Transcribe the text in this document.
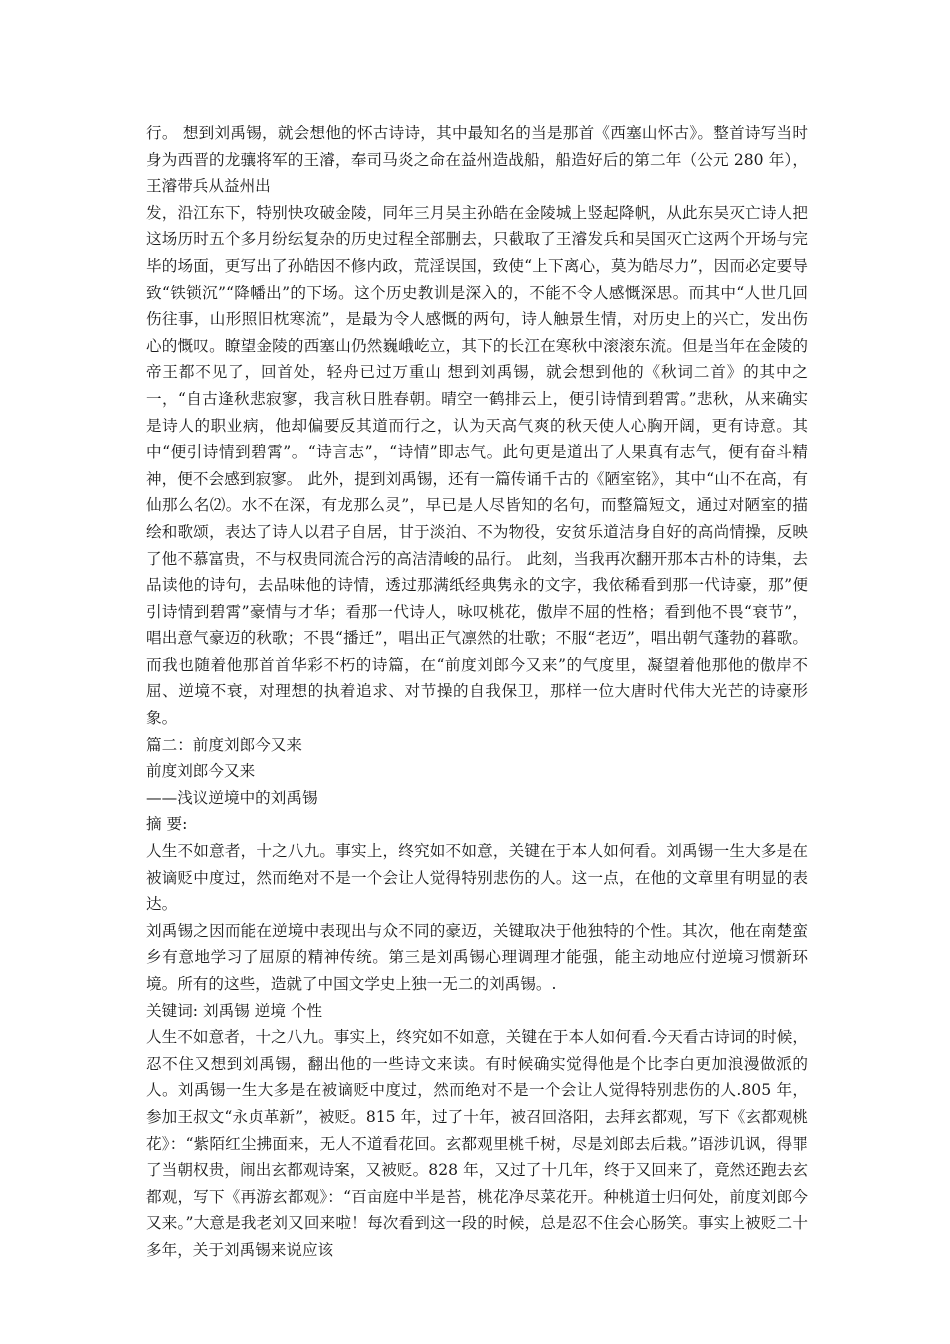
行。 想到刘禹锡，就会想他的怀古诗诗，其中最知名的当是那首《西塞山怀古》。整首诗写当时身为西晋的龙骧将军的王濬，奉司马炎之命在益州造战船，船造好后的第二年（公元 280 年），王濬带兵从益州出

发，沿江东下，特别快攻破金陵，同年三月吴主孙皓在金陵城上竖起降帆，从此东吴灭亡诗人把这场历时五个多月纷纭复杂的历史过程全部删去，只截取了王濬发兵和吴国灭亡这两个开场与完毕的场面，更写出了孙皓因不修内政，荒淫误国，致使“上下离心，莫为皓尽力”，因而必定要导致“铁锁沉”“降幡出”的下场。这个历史教训是深入的，不能不令人感慨深思。而其中“人世几回伤往事，山形照旧枕寒流”，是最为令人感慨的两句，诗人触景生情，对历史上的兴亡，发出伤心的慨叹。瞭望金陵的西塞山仍然巍峨屹立，其下的长江在寒秋中滚滚东流。但是当年在金陵的帝王都不见了，回首处，轻舟已过万重山 想到刘禹锡，就会想到他的《秋词二首》的其中之一，“自古逢秋悲寂寥，我言秋日胜春朝。晴空一鹤排云上，便引诗情到碧霄。”悲秋，从来确实是诗人的职业病，他却偏要反其道而行之，认为天高气爽的秋天使人心胸开阔，更有诗意。其中“便引诗情到碧霄”。“诗言志”，“诗情”即志气。此句更是道出了人果真有志气，便有奋斗精神，便不会感到寂寥。 此外，提到刘禹锡，还有一篇传诵千古的《陋室铭》，其中“山不在高，有仙那么名⑵。水不在深，有龙那么灵”，早已是人尽皆知的名句，而整篇短文，通过对陋室的描绘和歌颂，表达了诗人以君子自居，甘于淡泊、不为物役，安贫乐道洁身自好的高尚情操，反映了他不慕富贵，不与权贵同流合污的高洁清峻的品行。 此刻，当我再次翻开那本古朴的诗集，去品读他的诗句，去品味他的诗情，透过那满纸经典隽永的文字，我依稀看到那一代诗豪，那”便引诗情到碧霄”豪情与才华；看那一代诗人，咏叹桃花，傲岸不屈的性格；看到他不畏“衰节”，唱出意气豪迈的秋歌；不畏“播迁”，唱出正气凛然的壮歌；不服“老迈”，唱出朝气蓬勃的暮歌。而我也随着他那首首华彩不朽的诗篇，在“前度刘郎今又来”的气度里，凝望着他那他的傲岸不屈、逆境不衰，对理想的执着追求、对节操的自我保卫，那样一位大唐时代伟大光芒的诗豪形象。

篇二：前度刘郎今又来

前度刘郎今又来

——浅议逆境中的刘禹锡

摘 要:

人生不如意者，十之八九。事实上，终究如不如意，关键在于本人如何看。刘禹锡一生大多是在被谪贬中度过，然而绝对不是一个会让人觉得特别悲伤的人。这一点，在他的文章里有明显的表达。

刘禹锡之因而能在逆境中表现出与众不同的豪迈，关键取决于他独特的个性。其次，他在南楚蛮乡有意地学习了屈原的精神传统。第三是刘禹锡心理调理才能强，能主动地应付逆境习惯新环境。所有的这些，造就了中国文学史上独一无二的刘禹锡。.

关键词: 刘禹锡 逆境 个性

人生不如意者，十之八九。事实上，终究如不如意，关键在于本人如何看.今天看古诗词的时候，忍不住又想到刘禹锡，翻出他的一些诗文来读。有时候确实觉得他是个比李白更加浪漫做派的人。刘禹锡一生大多是在被谪贬中度过，然而绝对不是一个会让人觉得特别悲伤的人.805 年，参加王叔文“永贞革新”，被贬。815 年，过了十年，被召回洛阳，去拜玄都观，写下《玄都观桃花》：“紫陌红尘拂面来，无人不道看花回。玄都观里桃千树，尽是刘郎去后栽。”语涉讥讽，得罪了当朝权贵，闹出玄都观诗案，又被贬。828 年，又过了十几年，终于又回来了，竟然还跑去玄都观，写下《再游玄都观》：“百亩庭中半是苔，桃花净尽菜花开。种桃道士归何处，前度刘郎今又来。”大意是我老刘又回来啦！每次看到这一段的时候，总是忍不住会心肠笑。事实上被贬二十多年，关于刘禹锡来说应该
